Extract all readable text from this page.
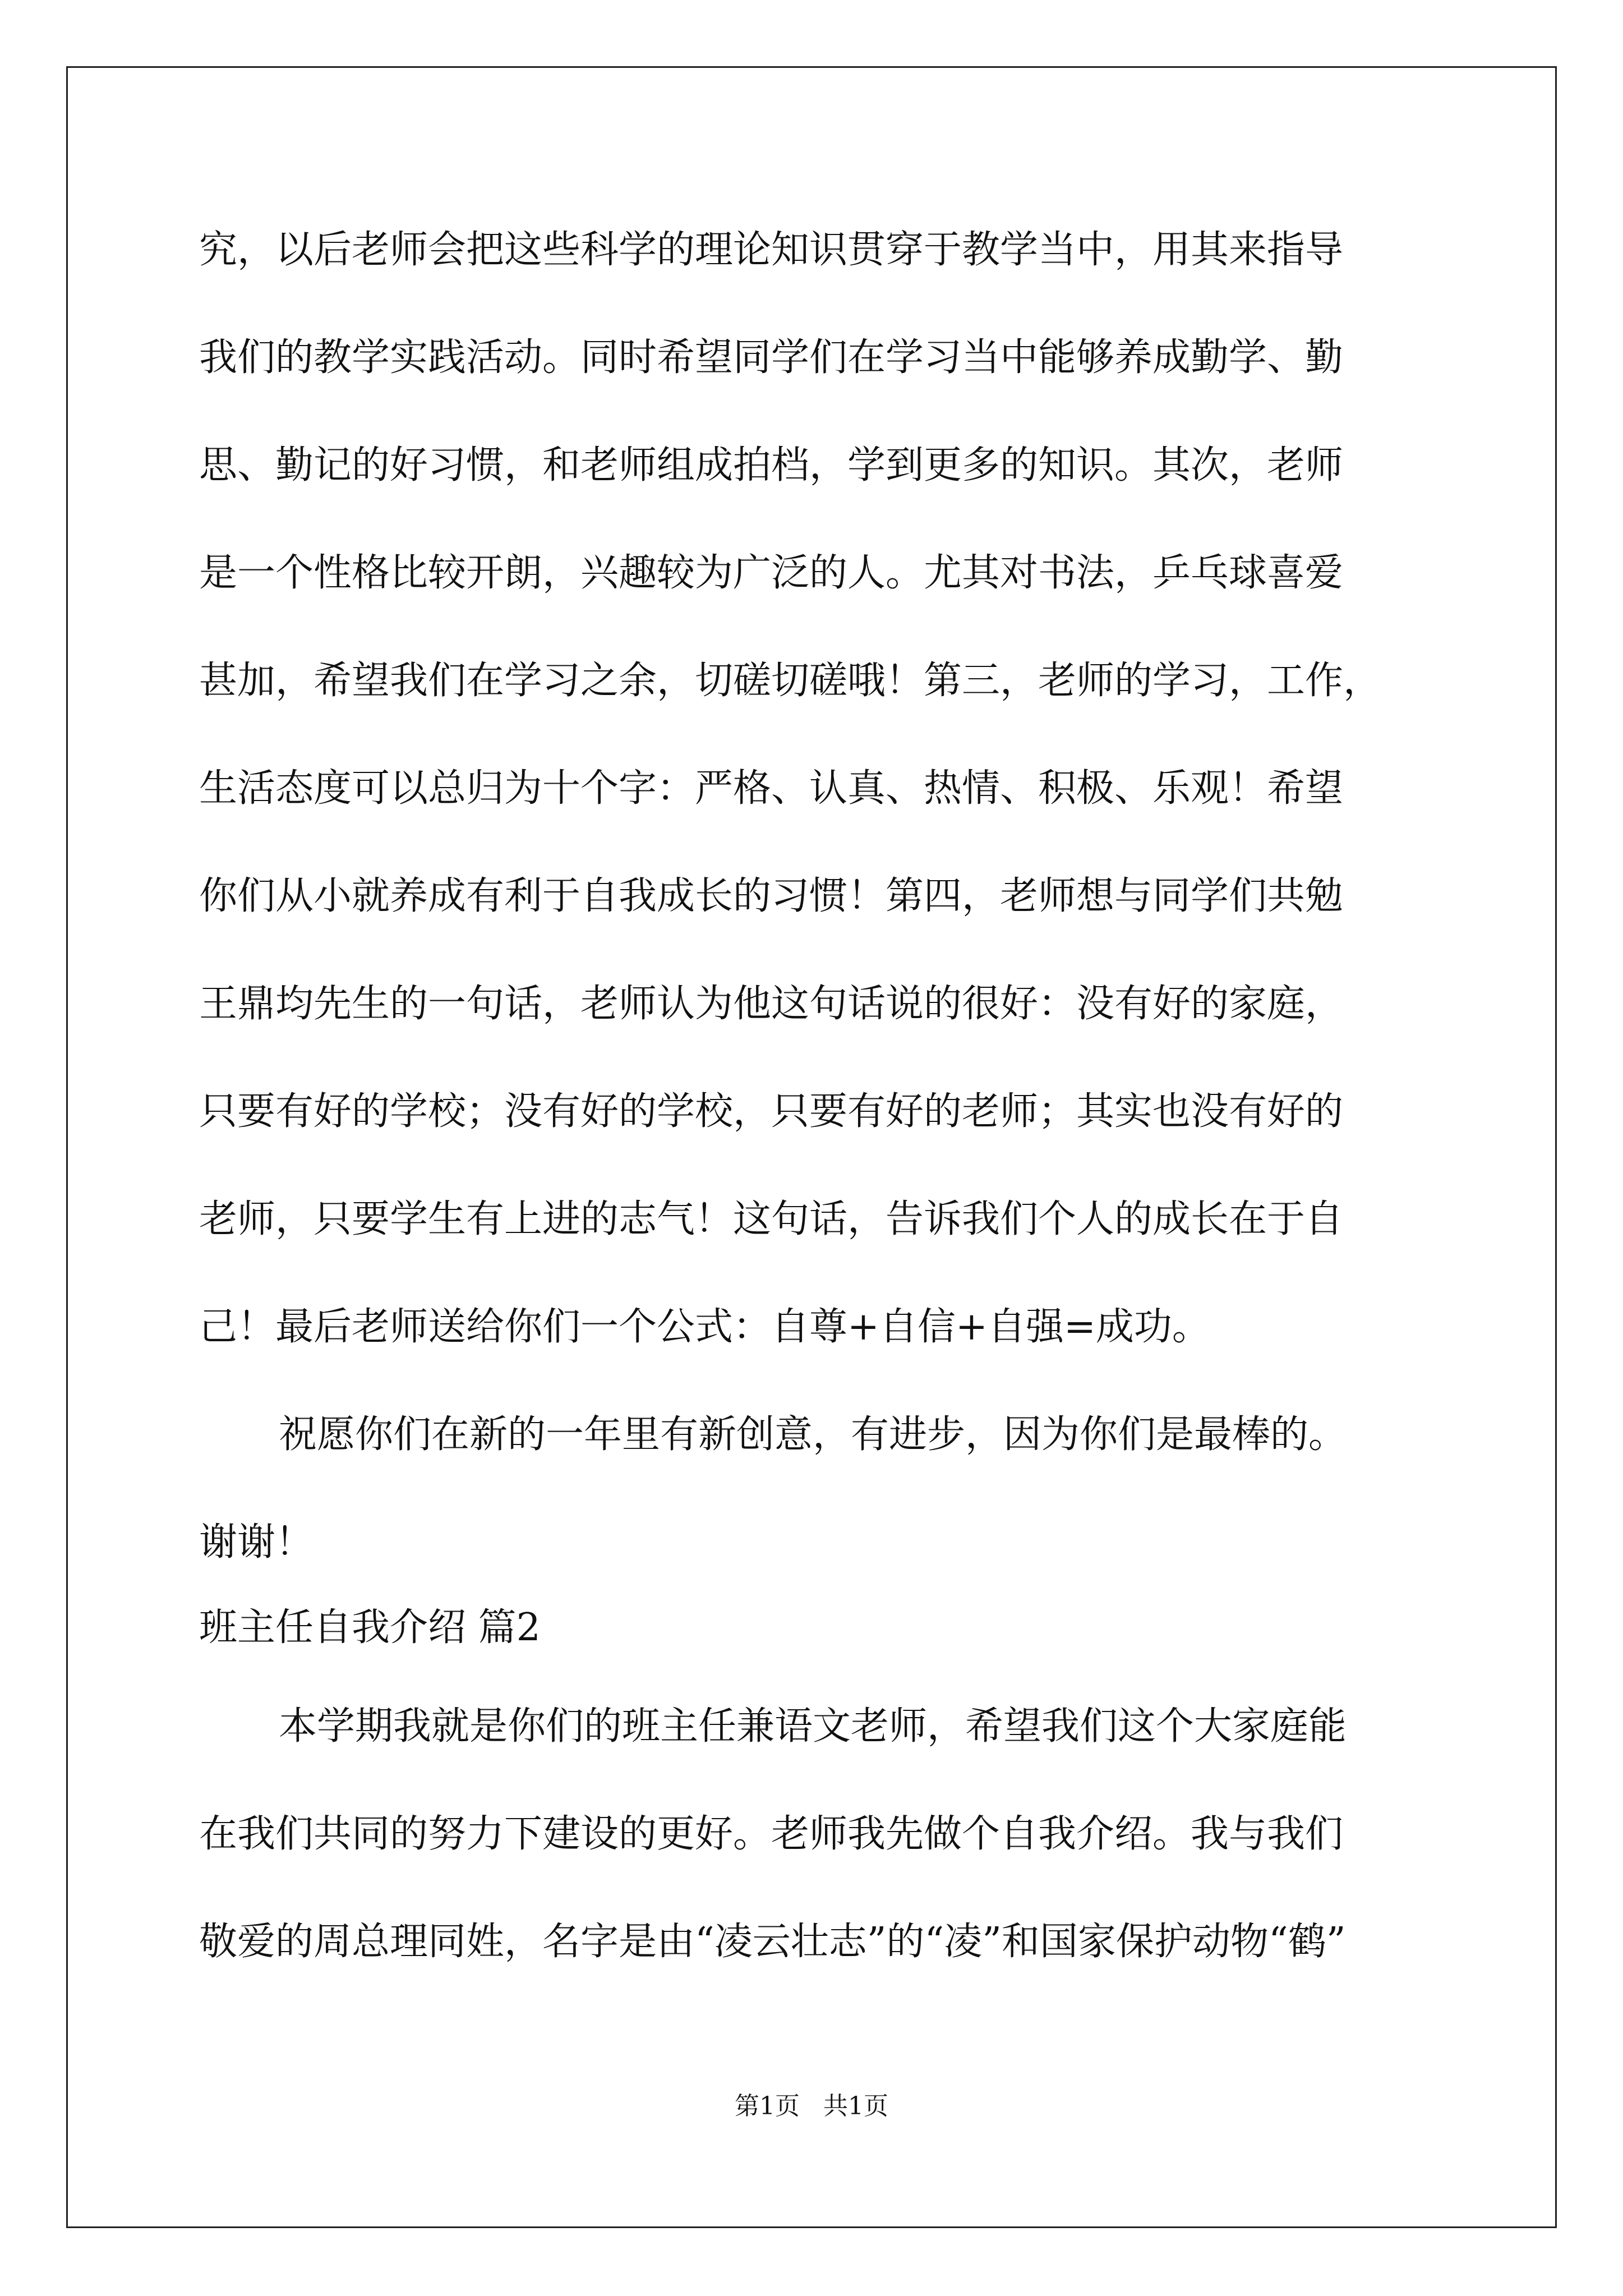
究，以后老师会把这些科学的理论知识贯穿于教学当中，用其来指导
我们的教学实践活动。同时希望同学们在学习当中能够养成勤学、勤
思、勤记的好习惯，和老师组成拍档，学到更多的知识。其次，老师
是一个性格比较开朗，兴趣较为广泛的人。尤其对书法，乒乓球喜爱
甚加，希望我们在学习之余，切磋切磋哦！第三，老师的学习，工作，
生活态度可以总归为十个字：严格、认真、热情、积极、乐观！希望
你们从小就养成有利于自我成长的习惯！第四，老师想与同学们共勉
王鼎均先生的一句话，老师认为他这句话说的很好：没有好的家庭，
只要有好的学校；没有好的学校，只要有好的老师；其实也没有好的
老师，只要学生有上进的志气！这句话，告诉我们个人的成长在于自
己！最后老师送给你们一个公式：自尊+自信+自强=成功。
祝愿你们在新的一年里有新创意，有进步，因为你们是最棒的。
谢谢！
班主任自我介绍 篇2
本学期我就是你们的班主任兼语文老师，希望我们这个大家庭能
在我们共同的努力下建设的更好。老师我先做个自我介绍。我与我们
敬爱的周总理同姓，名字是由“凌云壮志”的“凌”和国家保护动物“鹤”
第1页   共1页
